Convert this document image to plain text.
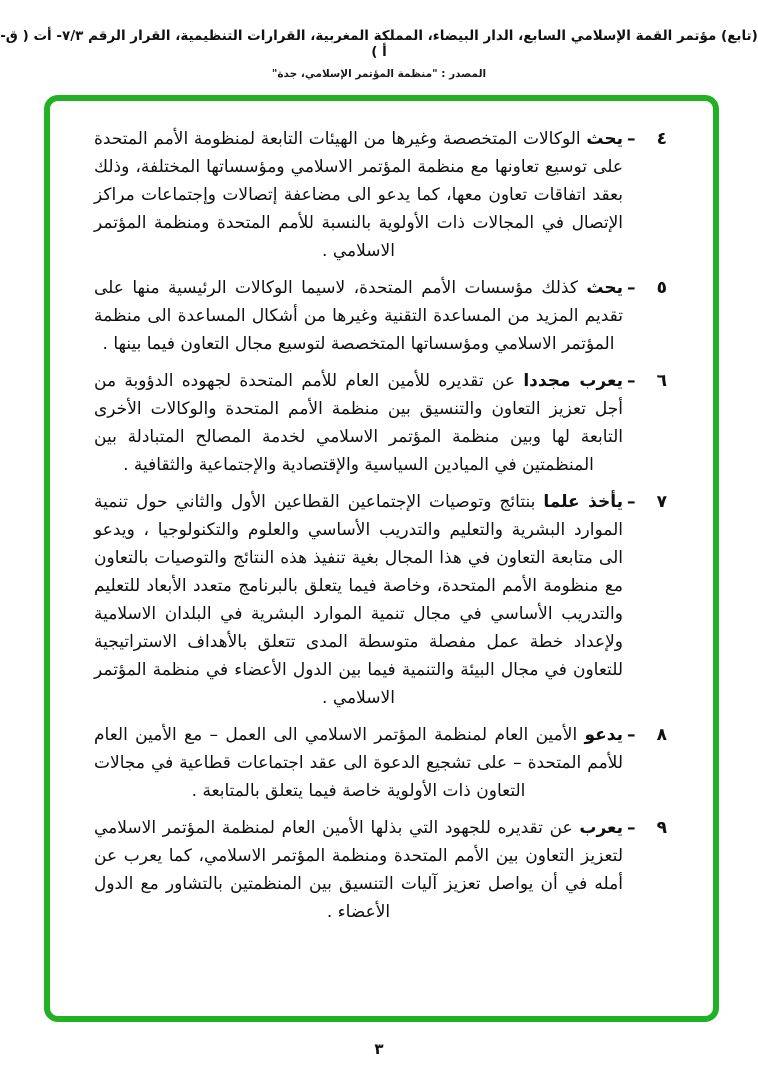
(تابع) مؤتمر القمة الإسلامي السابع، الدار البيضاء، المملكة المغربية، القرارات التنظيمية، القرار الرقم ٧/٣- أت ( ق- أ )
المصدر : "منظمة المؤتمر الإسلامي، جدة"
٤
–
يحث الوكالات المتخصصة وغيرها من الهيئات التابعة لمنظومة الأمم المتحدة على توسيع تعاونها مع منظمة المؤتمر الاسلامي ومؤسساتها المختلفة، وذلك بعقد اتفاقات تعاون معها، كما يدعو الى مضاعفة إتصالات وإجتماعات مراكز الإتصال في المجالات ذات الأولوية بالنسبة للأمم المتحدة ومنظمة المؤتمر الاسلامي .
٥
–
يحث كذلك مؤسسات الأمم المتحدة، لاسيما الوكالات الرئيسية منها على تقديم المزيد من المساعدة التقنية وغيرها من أشكال المساعدة الى منظمة المؤتمر الاسلامي ومؤسساتها المتخصصة لتوسيع مجال التعاون فيما بينها .
٦
–
يعرب مجددا عن تقديره للأمين العام للأمم المتحدة لجهوده الدؤوبة من أجل تعزيز التعاون والتنسيق بين منظمة الأمم المتحدة والوكالات الأخرى التابعة لها وبين منظمة المؤتمر الاسلامي لخدمة المصالح المتبادلة بين المنظمتين في الميادين السياسية والإقتصادية والإجتماعية والثقافية .
٧
–
يأخذ علما بنتائج وتوصيات الإجتماعين القطاعين الأول والثاني حول تنمية الموارد البشرية والتعليم والتدريب الأساسي والعلوم والتكنولوجيا ، ويدعو الى متابعة التعاون في هذا المجال بغية تنفيذ هذه النتائج والتوصيات بالتعاون مع منظومة الأمم المتحدة، وخاصة فيما يتعلق بالبرنامج متعدد الأبعاد للتعليم والتدريب الأساسي في مجال تنمية الموارد البشرية في البلدان الاسلامية ولإعداد خطة عمل مفصلة متوسطة المدى تتعلق بالأهداف الاستراتيجية للتعاون في مجال البيئة والتنمية فيما بين الدول الأعضاء في منظمة المؤتمر الاسلامي .
٨
–
يدعو الأمين العام لمنظمة المؤتمر الاسلامي الى العمل – مع الأمين العام للأمم المتحدة – على تشجيع الدعوة الى عقد اجتماعات قطاعية في مجالات التعاون ذات الأولوية خاصة فيما يتعلق بالمتابعة .
٩
–
يعرب عن تقديره للجهود التي بذلها الأمين العام لمنظمة المؤتمر الاسلامي لتعزيز التعاون بين الأمم المتحدة ومنظمة المؤتمر الاسلامي، كما يعرب عن أمله في أن يواصل تعزيز آليات التنسيق بين المنظمتين بالتشاور مع الدول الأعضاء .
٣
